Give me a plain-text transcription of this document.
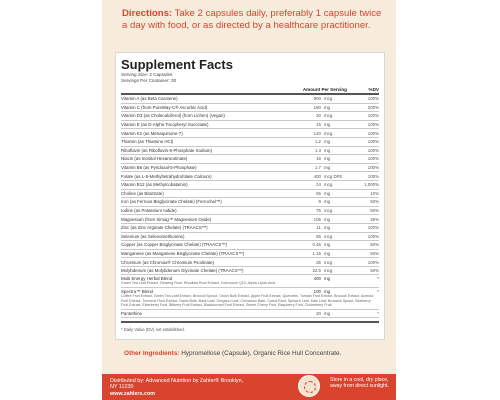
Directions: Take 2 capsules daily, preferably 1 capsule twice a day with food, or as directed by a healthcare practitioner.
Supplement Facts
Serving Size: 2 Capsules
Servings Per Container: 30
Amount Per Serving	%DV
Vitamin A (as Beta Carotene)	900 mcg	100%
Vitamin C (from PureWay-C® Ascorbic Acid)	180 mg	200%
Vitamin D3 (as Cholecalciferol) (from Lichen) (Vegan)	20 mcg	100%
Vitamin E (as D-Alpha Tocopheryl Succinate)	15 mg	100%
Vitamin K2 (as Menaquinone-7)	120 mcg	100%
Thiamin (as Thiamine HCl)	1.2 mg	100%
Riboflavin (as Riboflavin-5-Phosphate Sodium)	1.3 mg	100%
Niacin (as Inositol Hexanicotinate)	16 mg	100%
Vitamin B6 (as Pyridoxal-5-Phosphate)	1.7 mg	100%
Folate (as L-5-Methyltetrahydrofolate Calcium)	400 mcg DFE	100%
Vitamin B12 (as Methylcobalamin)	24 mcg	1,000%
Choline (as Bitartrate)	55 mg	10%
Iron (as Ferrous Bisglycinate Chelate) (Ferrochel™)	9 mg	50%
Iodine (as Potassium Iodide)	75 mcg	50%
Magnesium (from Simag™ Magnesium Oxide)	105 mg	25%
Zinc (as Zinc Arginate Chelate) (TRAACS™)	11 mg	100%
Selenium (as Selenomethionine)	55 mcg	100%
Copper (as Copper Bisglycinate Chelate) (TRAACS™)	0.45 mg	50%
Manganese (as Manganese Bisglycinate Chelate) (TRAACS™)	1.15 mg	50%
Chromium (as Chromax® Chromium Picolinate)	35 mcg	100%
Molybdenum (as Molybdenum Glycinate Chelate) (TRAACS™)	22.5 mcg	50%
Multi Energy Herbal Blend	400 mg	*
Green Tea Leaf Extract, Ginseng Root, Rhodiola Root Extract, Coenzyme Q10, Alpha Lipoic Acid
Spectra™ Blend	100 mg	*
Coffee Fruit Extract, Green Tea Leaf Extract, Broccoli Sprout, Onion Bulb Extract, Apple Fruit Extract, Quercetin, Tomato Fruit Extract, Broccoli Extract, Acerola Fruit Extract, Turmeric Root Extract, Garlic Bulb, Basil Leaf, Oregano Leaf, Cinnamon Bark, Carrot Root, Spinach Leaf, Kale Leaf, Brussels Sprout, Blueberry Fruit Extract, Elderberry Fruit, Bilberry Fruit Extract, Blackcurrant Fruit Extract, Sweet Cherry Fruit, Raspberry Fruit, Chokeberry Fruit
Pantethine	20 mg	*
* Daily Value (DV) not established.
Other Ingredients: Hypromellose (Capsule), Organic Rice Hull Concentrate.
Distributed by: Advanced Nutrition by Zahler® Brooklyn, NY 11230
www.zahlers.com
Store in a cool, dry place, away from direct sunlight.
